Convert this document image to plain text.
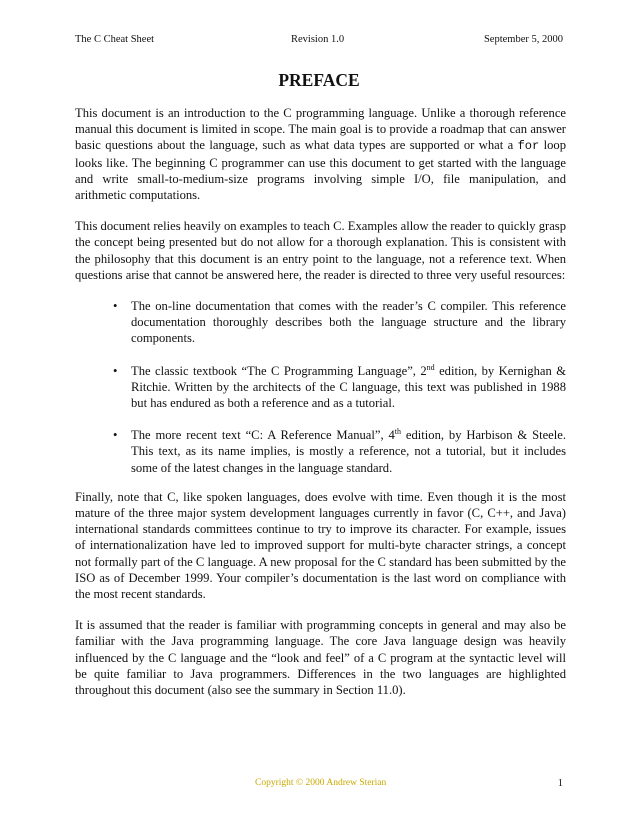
The C Cheat Sheet	Revision 1.0	September 5, 2000
PREFACE

This document is an introduction to the C programming language. Unlike a thorough reference manual this document is limited in scope. The main goal is to provide a roadmap that can answer basic questions about the language, such as what data types are supported or what a for loop looks like. The beginning C programmer can use this document to get started with the language and write small-to-medium-size programs involving simple I/O, file manipulation, and arithmetic computations.

This document relies heavily on examples to teach C. Examples allow the reader to quickly grasp the concept being presented but do not allow for a thorough explanation. This is consistent with the philosophy that this document is an entry point to the language, not a reference text. When questions arise that cannot be answered here, the reader is directed to three very useful resources:

• The on-line documentation that comes with the reader’s C compiler. This reference documentation thoroughly describes both the language structure and the library components.
• The classic textbook “The C Programming Language”, 2nd edition, by Kernighan & Ritchie. Written by the architects of the C language, this text was published in 1988 but has endured as both a reference and as a tutorial.
• The more recent text “C: A Reference Manual”, 4th edition, by Harbison & Steele. This text, as its name implies, is mostly a reference, not a tutorial, but it includes some of the latest changes in the language standard.

Finally, note that C, like spoken languages, does evolve with time. Even though it is the most mature of the three major system development languages currently in favor (C, C++, and Java) international standards committees continue to try to improve its character. For example, issues of internationalization have led to improved support for multi-byte character strings, a concept not formally part of the C language. A new proposal for the C standard has been submitted by the ISO as of December 1999. Your compiler’s documentation is the last word on compliance with the most recent standards.

It is assumed that the reader is familiar with programming concepts in general and may also be familiar with the Java programming language. The core Java language design was heavily influenced by the C language and the “look and feel” of a C program at the syntactic level will be quite familiar to Java programmers. Differences in the two languages are highlighted throughout this document (also see the summary in Section 11.0).

Copyright © 2000 Andrew Sterian	1
